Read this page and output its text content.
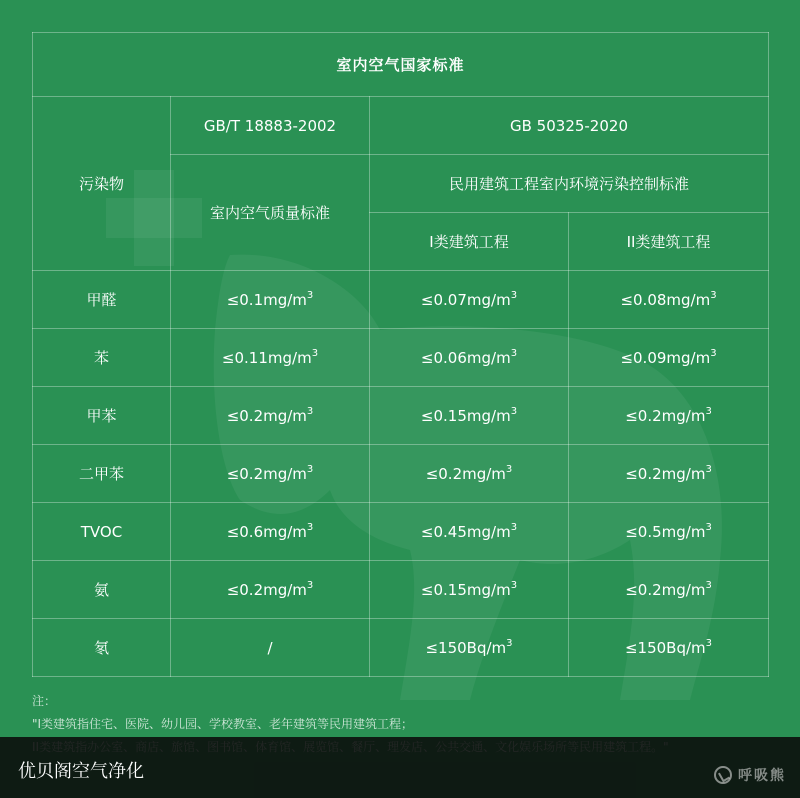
室内空气国家标准			
污染物	GB/T 18883-2002	GB 50325-2020	
	室内空气质量标准	民用建筑工程室内环境污染控制标准	
		I类建筑工程	II类建筑工程
甲醛	$\le 0.1mg/m^3$	$\le 0.07mg/m^3$	$\le 0.08mg/m^3$
苯	$\le 0.11mg/m^3$	$\le 0.06mg/m^3$	$\le 0.09mg/m^3$
甲苯	$\le 0.2mg/m^3$	$\le 0.15mg/m^3$	$\le 0.2mg/m^3$
二甲苯	$\le 0.2mg/m^3$	$\le 0.2mg/m^3$	$\le 0.2mg/m^3$
TVOC	$\le 0.6mg/m^3$	$\le 0.45mg/m^3$	$\le 0.5mg/m^3$
氨	$\le 0.2mg/m^3$	$\le 0.15mg/m^3$	$\le 0.2mg/m^3$
氡	/	$\le 150Bq/m^3$	$\le 150Bq/m^3$
注：
"I类建筑指住宅、医院、幼儿园、学校教室、老年建筑等民用建筑工程；
优贝阁空气净化	呼吸熊
